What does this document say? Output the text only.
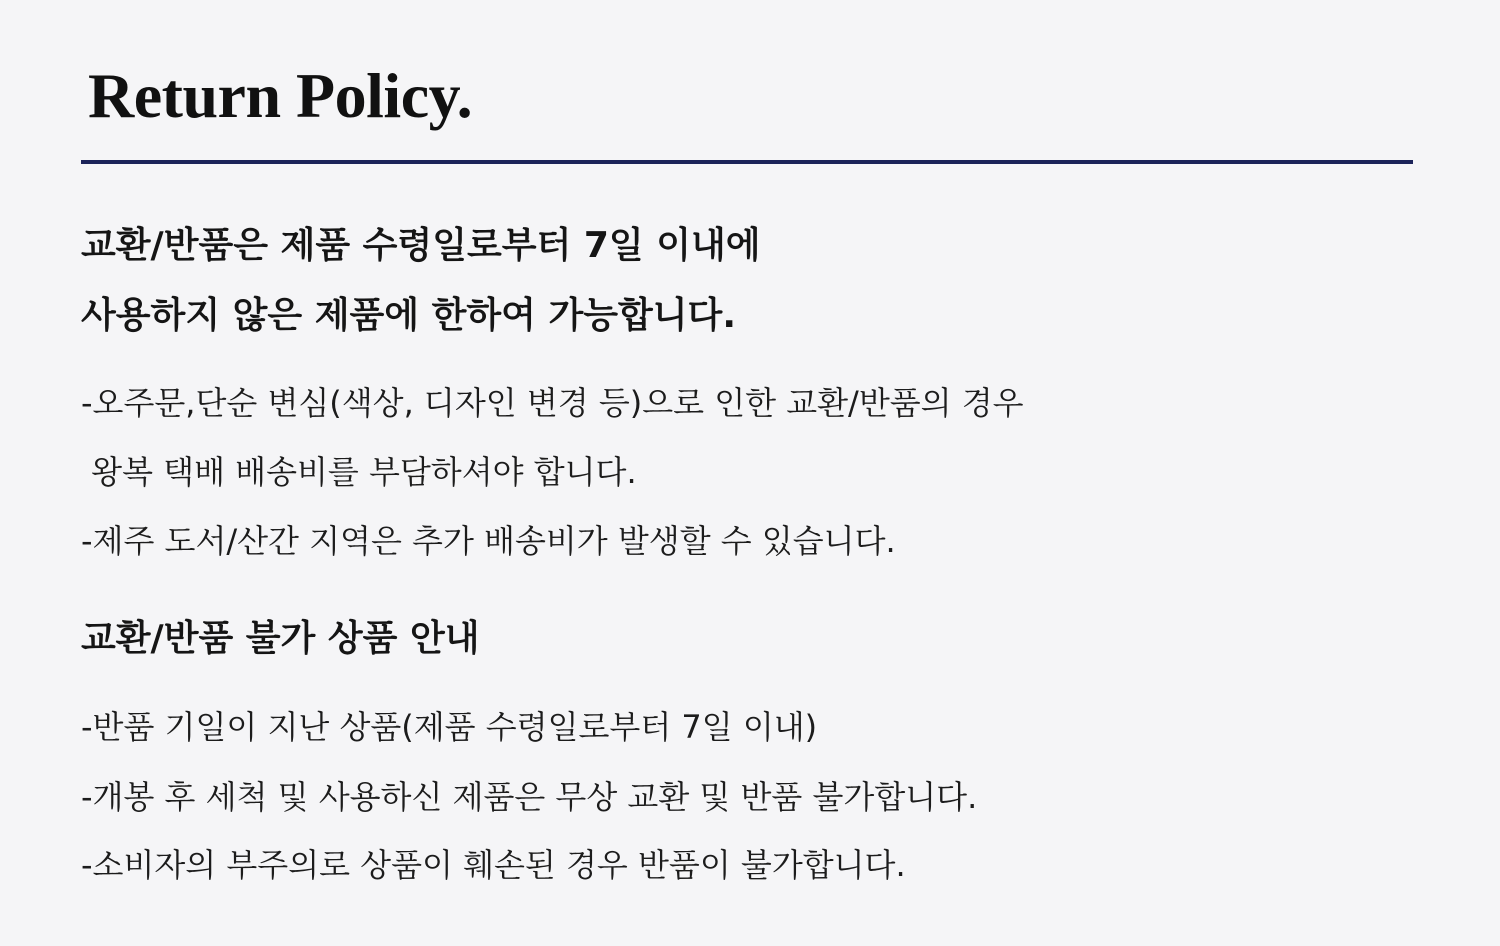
Return Policy.

교환/반품은 제품 수령일로부터 7일 이내에

사용하지 않은 제품에 한하여 가능합니다.

-오주문,단순 변심(색상, 디자인 변경 등)으로 인한 교환/반품의 경우

왕복 택배 배송비를 부담하셔야 합니다.

-제주 도서/산간 지역은 추가 배송비가 발생할 수 있습니다.

교환/반품 불가 상품 안내

-반품 기일이 지난 상품(제품 수령일로부터 7일 이내)

-개봉 후 세척 및 사용하신 제품은 무상 교환 및 반품 불가합니다.

-소비자의 부주의로 상품이 훼손된 경우 반품이 불가합니다.
